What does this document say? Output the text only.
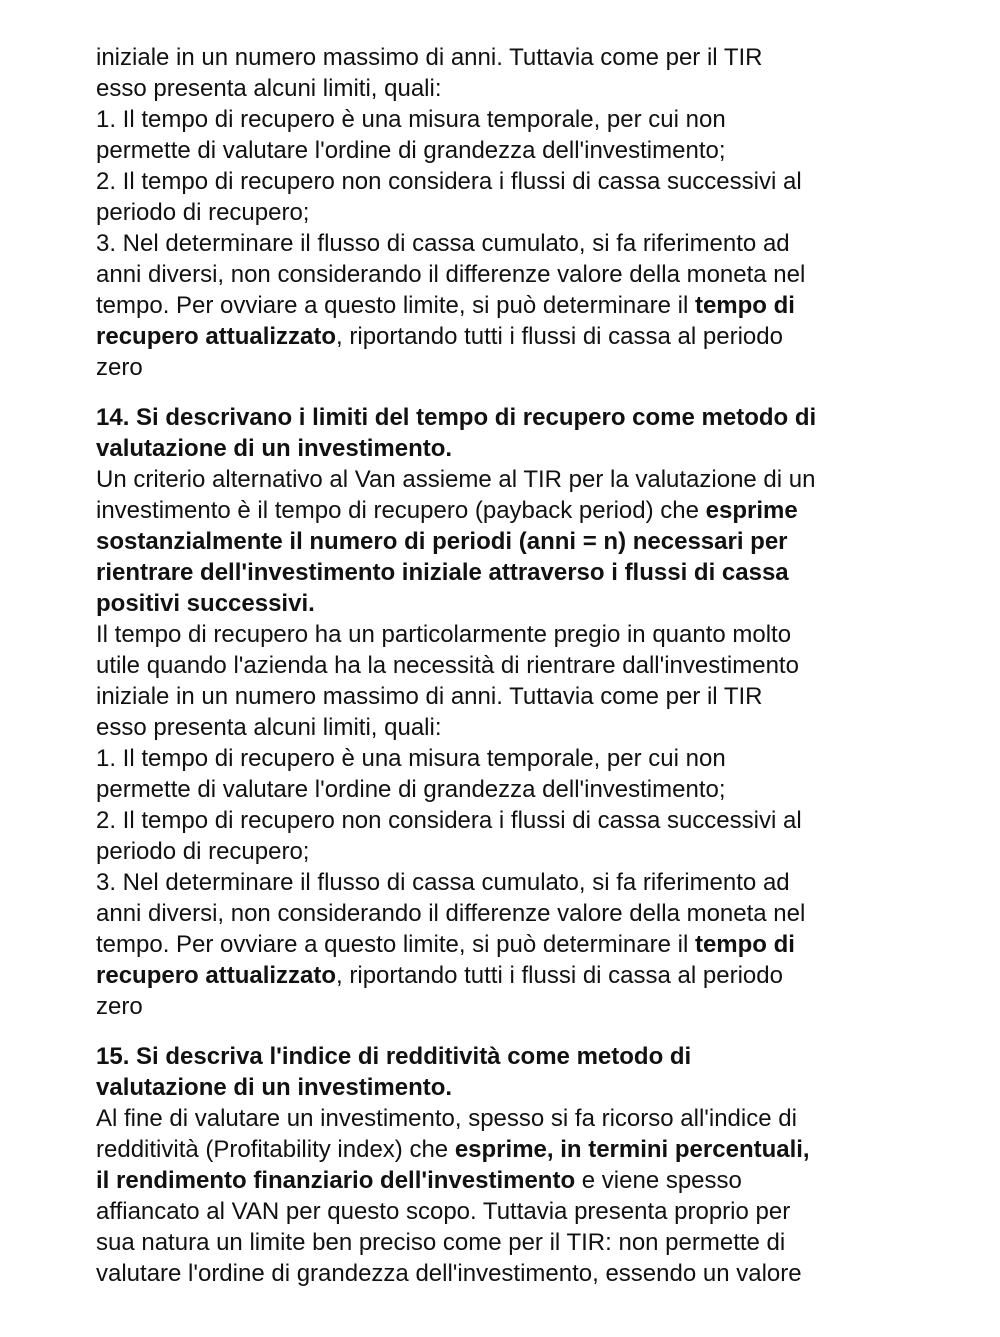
iniziale in un numero massimo di anni. Tuttavia come per il TIR
esso presenta alcuni limiti, quali:
1. Il tempo di recupero è una misura temporale, per cui non
permette di valutare l'ordine di grandezza dell'investimento;
2. Il tempo di recupero non considera i flussi di cassa successivi al
periodo di recupero;
3. Nel determinare il flusso di cassa cumulato, si fa riferimento ad
anni diversi, non considerando il differenze valore della moneta nel
tempo. Per ovviare a questo limite, si può determinare il tempo di
recupero attualizzato, riportando tutti i flussi di cassa al periodo
zero
14. Si descrivano i limiti del tempo di recupero come metodo di
valutazione di un investimento.
Un criterio alternativo al Van assieme al TIR per la valutazione di un
investimento è il tempo di recupero (payback period) che esprime
sostanzialmente il numero di periodi (anni = n) necessari per
rientrare dell'investimento iniziale attraverso i flussi di cassa
positivi successivi.
Il tempo di recupero ha un particolarmente pregio in quanto molto
utile quando l'azienda ha la necessità di rientrare dall'investimento
iniziale in un numero massimo di anni. Tuttavia come per il TIR
esso presenta alcuni limiti, quali:
1. Il tempo di recupero è una misura temporale, per cui non
permette di valutare l'ordine di grandezza dell'investimento;
2. Il tempo di recupero non considera i flussi di cassa successivi al
periodo di recupero;
3. Nel determinare il flusso di cassa cumulato, si fa riferimento ad
anni diversi, non considerando il differenze valore della moneta nel
tempo. Per ovviare a questo limite, si può determinare il tempo di
recupero attualizzato, riportando tutti i flussi di cassa al periodo
zero
15. Si descriva l'indice di redditività come metodo di
valutazione di un investimento.
Al fine di valutare un investimento, spesso si fa ricorso all'indice di
redditività (Profitability index) che esprime, in termini percentuali,
il rendimento finanziario dell'investimento e viene spesso
affiancato al VAN per questo scopo. Tuttavia presenta proprio per
sua natura un limite ben preciso come per il TIR: non permette di
valutare l'ordine di grandezza dell'investimento, essendo un valore
